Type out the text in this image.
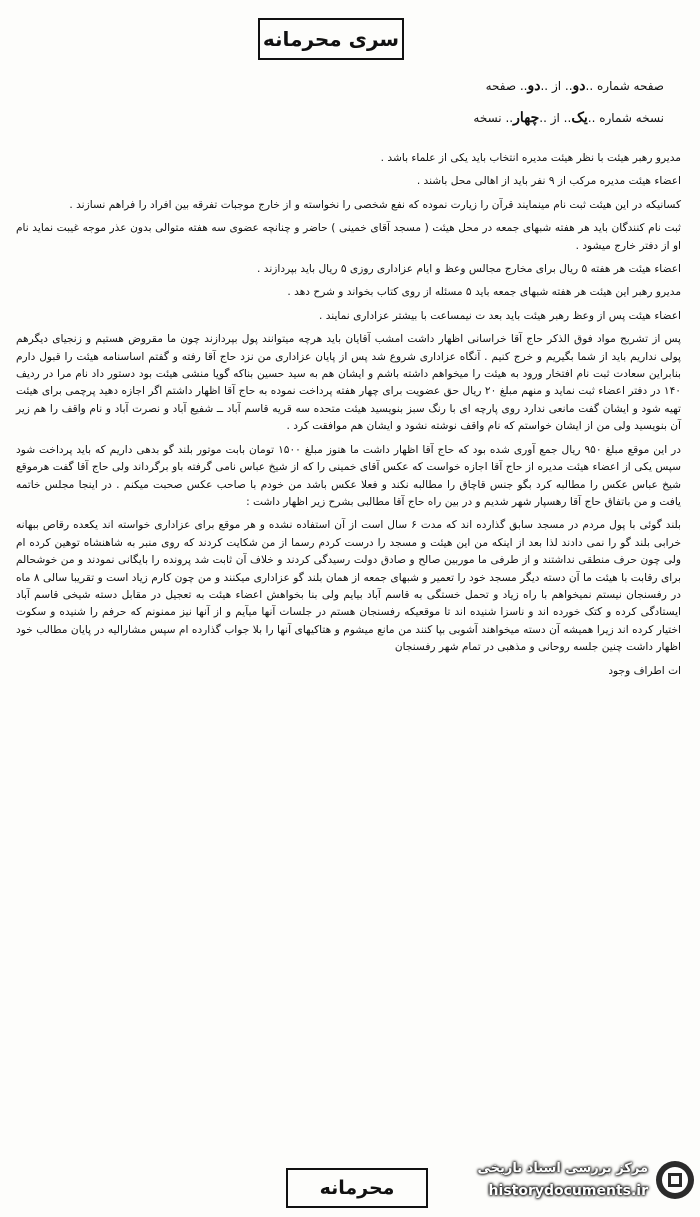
سری محرمانه
صفحه شماره ..دو.. از ..دو.. صفحه
نسخه شماره ..یک.. از ..چهار.. نسخه

مدیرو رهبر هیئت با نظر هیئت مدیره انتخاب باید یکی از علماء باشد .

اعضاء هیئت مدیره مرکب از ۹ نفر باید از اهالی محل باشند .

کسانیکه در این هیئت ثبت نام مینمایند قرآن را زیارت نموده که نفع شخصی را نخواسته و از خارج موجبات تفرقه بین افراد را فراهم نسازند .

ثبت نام کنندگان باید هر هفته شبهای جمعه در محل هیئت ( مسجد آقای خمینی ) حاضر و چنانچه عضوی سه هفته متوالی بدون عذر موجه غیبت نماید نام او از دفتر خارج میشود .

اعضاء هیئت هر هفته ۵ ریال برای مخارج مجالس وعظ و ایام عزاداری روزی ۵ ریال باید بپردازند .

مدیرو رهبر این هیئت هر هفته شبهای جمعه باید ۵ مسئله از روی کتاب بخواند و شرح دهد .

اعضاء هیئت پس از وعظ رهبر هیئت باید بعد ت نیمساعت با بیشتر عزاداری نمایند .

پس از تشریح مواد فوق الذکر حاج آقا خراسانی اظهار داشت امشب آقایان باید هرچه میتوانند پول بپردازند چون ما مقروض هستیم و زنجیای دیگرهم پولی نداریم باید از شما بگیریم و خرج کنیم . آنگاه عزاداری شروع شد پس از پایان عزاداری من نزد حاج آقا رفته و گفتم اساسنامه هیئت را قبول دارم بنابراین سعادت ثبت نام افتخار ورود به هیئت را میخواهم داشته باشم و ایشان هم به سید حسین بناکه گویا منشی هیئت بود دستور داد نام مرا در ردیف ۱۴۰ در دفتر اعضاء ثبت نماید و منهم مبلغ ۲۰ ریال حق عضویت برای چهار هفته پرداخت نموده به حاج آقا اظهار داشتم اگر اجازه دهید پرچمی برای هیئت تهیه شود و ایشان گفت مانعی ندارد روی پارچه ای با رنگ سبز بنویسید هیئت متحده سه قریه قاسم آباد ــ شفیع آباد و نصرت آباد و نام واقف را هم زیر آن بنویسید ولی من از ایشان خواستم که نام واقف نوشته نشود و ایشان هم موافقت کرد .

در این موقع مبلغ ۹۵۰ ریال جمع آوری شده بود که حاج آقا اظهار داشت ما هنوز مبلغ ۱۵۰۰ تومان بابت موتور بلند گو بدهی داریم که باید پرداخت شود سپس یکی از اعضاء هیئت مدیره از حاج آقا اجازه خواست که عکس آقای خمینی را که از شیخ عباس نامی گرفته باو برگرداند ولی حاج آقا گفت هرموقع شیخ عباس عکس را مطالبه کرد بگو جنس قاچاق را مطالبه نکند و فعلا عکس باشد من خودم با صاحب عکس صحبت میکنم . در اینجا مجلس خاتمه یافت و من باتفاق حاج آقا رهسپار شهر شدیم و در بین راه حاج آقا مطالبی بشرح زیر اظهار داشت :

بلند گوئی با پول مردم در مسجد سابق گذارده اند که مدت ۶ سال است از آن استفاده نشده و هر موقع برای عزاداری خواسته اند یکعده رقاص ببهانه خرابی بلند گو را نمی دادند لذا بعد از اینکه من این هیئت و مسجد را درست کردم رسما از من شکایت کردند که روی منبر به شاهنشاه توهین کرده ام ولی چون حرف منطقی نداشتند و از طرفی ما موربین صالح و صادق دولت رسیدگی کردند و خلاف آن ثابت شد پرونده را بایگانی نمودند و من خوشحالم برای رقابت با هیئت ما آن دسته دیگر مسجد خود را تعمیر و شبهای جمعه از همان بلند گو عزاداری میکنند و من چون کارم زیاد است و تقریبا سالی ۸ ماه در رفسنجان نیستم نمیخواهم با راه زیاد و تحمل خستگی به قاسم آباد بیایم ولی بنا بخواهش اعضاء هیئت به تعجیل در مقابل دسته شیخی قاسم آباد ایستادگی کرده و کتک خورده اند و ناسزا شنیده اند تا موقعیکه رفسنجان هستم در جلسات آنها میآیم و از آنها نیز ممنونم که حرفم را شنیده و سکوت اختیار کرده اند زیرا همیشه آن دسته میخواهند آشوبی بپا کنند من مانع میشوم و هتاکیهای آنها را بلا جواب گذارده ام سپس مشارالیه در پایان مطالب خود اظهار داشت چنین جلسه روحانی و مذهبی در تمام شهر رفسنجان

ات اطراف وجود

محرمانه
مرکز بررسی اسناد تاریخی
historydocuments.ir
